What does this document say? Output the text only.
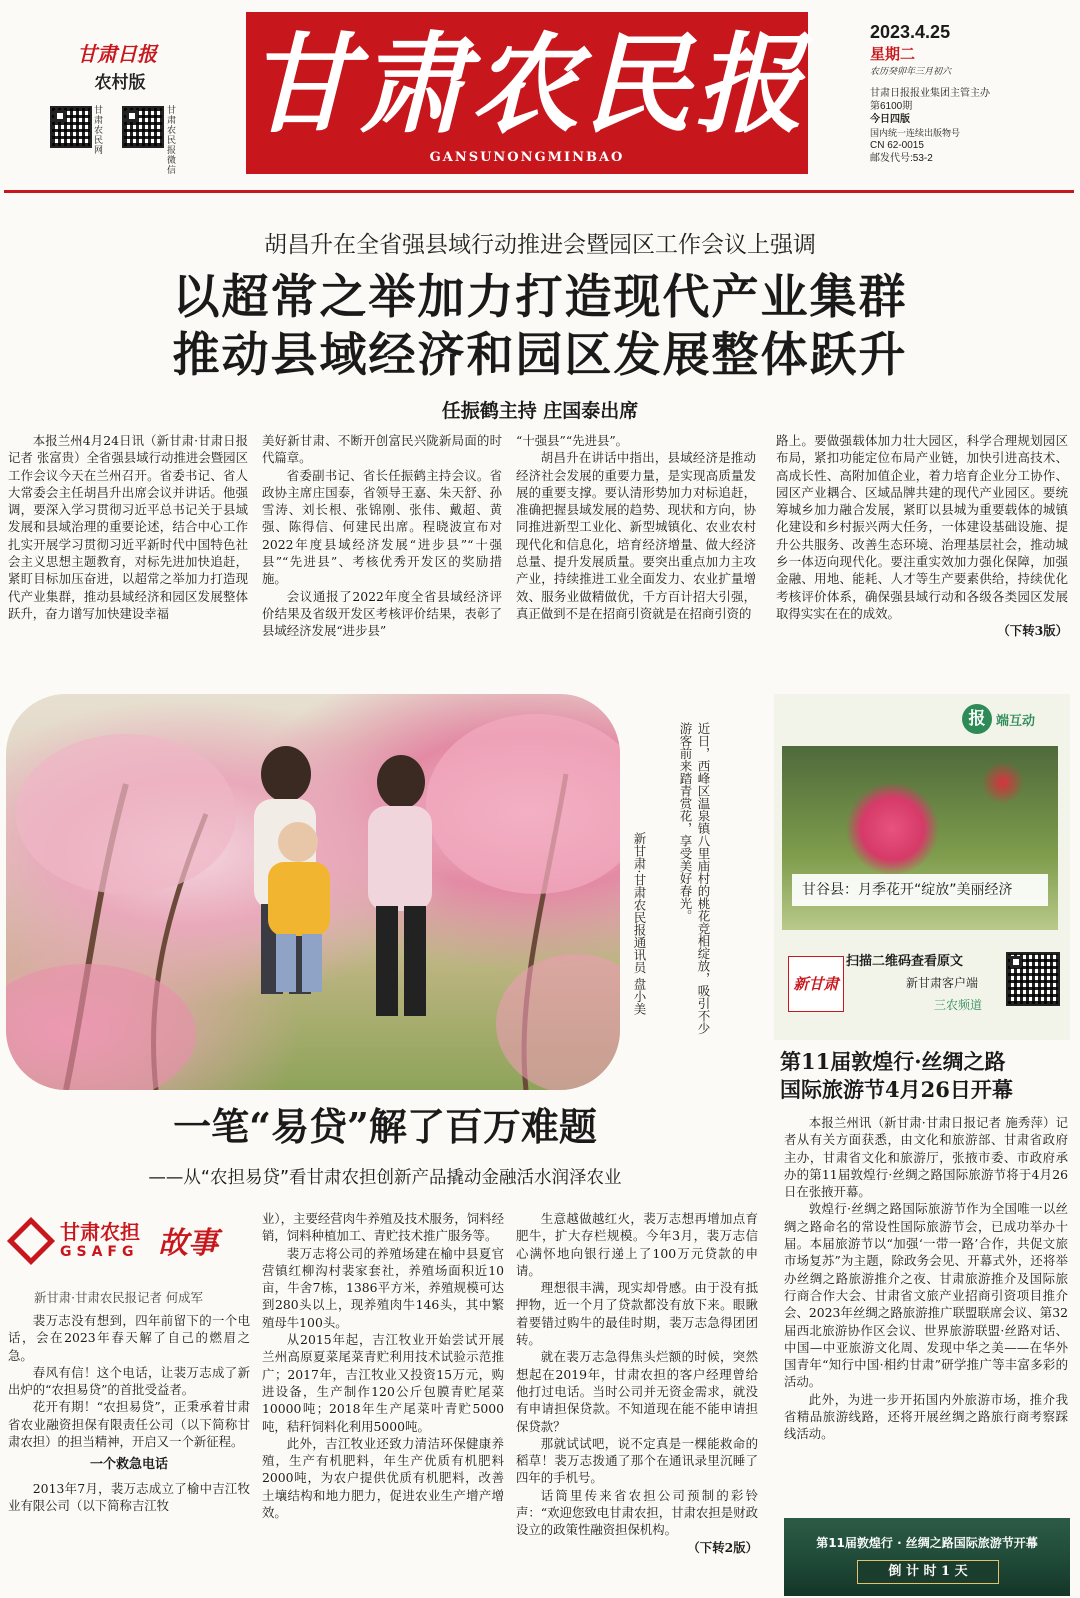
甘肃日报
农村版
甘肃农民网
甘肃农民报微信
甘肃农民报
GANSUNONGMINBAO
2023.4.25
星期二
农历癸卯年三月初六
甘肃日报报业集团主管主办
第6100期
今日四版
国内统一连续出版物号
CN 62-0015
邮发代号:53-2
胡昌升在全省强县域行动推进会暨园区工作会议上强调
以超常之举加力打造现代产业集群
推动县域经济和园区发展整体跃升
任振鹤主持 庄国泰出席

本报兰州4月24日讯（新甘肃·甘肃日报记者 张富贵）全省强县域行动推进会暨园区工作会议今天在兰州召开。省委书记、省人大常委会主任胡昌升出席会议并讲话。他强调，要深入学习贯彻习近平总书记关于县域发展和县域治理的重要论述，结合中心工作扎实开展学习贯彻习近平新时代中国特色社会主义思想主题教育，对标先进加快追赶，紧盯目标加压奋进，以超常之举加力打造现代产业集群，推动县域经济和园区发展整体跃升，奋力谱写加快建设幸福

美好新甘肃、不断开创富民兴陇新局面的时代篇章。

省委副书记、省长任振鹤主持会议。省政协主席庄国泰，省领导王嘉、朱天舒、孙雪涛、刘长根、张锦刚、张伟、戴超、黄强、陈得信、何建民出席。程晓波宣布对2022年度县域经济发展“进步县”“十强县”“先进县”、考核优秀开发区的奖励措施。

会议通报了2022年度全省县域经济评价结果及省级开发区考核评价结果，表彰了县域经济发展“进步县”

“十强县”“先进县”。

胡昌升在讲话中指出，县域经济是推动经济社会发展的重要力量，是实现高质量发展的重要支撑。要认清形势加力对标追赶，准确把握县域发展的趋势、现状和方向，协同推进新型工业化、新型城镇化、农业农村现代化和信息化，培育经济增量、做大经济总量、提升发展质量。要突出重点加力主攻产业，持续推进工业全面发力、农业扩量增效、服务业做精做优，千方百计招大引强，真正做到不是在招商引资就是在招商引资的

路上。要做强载体加力壮大园区，科学合理规划园区布局，紧扣功能定位布局产业链，加快引进高技术、高成长性、高附加值企业，着力培育企业分工协作、园区产业耦合、区域品牌共建的现代产业园区。要统筹城乡加力融合发展，紧盯以县城为重要载体的城镇化建设和乡村振兴两大任务，一体建设基础设施、提升公共服务、改善生态环境、治理基层社会，推动城乡一体迈向现代化。要注重实效加力强化保障，加强金融、用地、能耗、人才等生产要素供给，持续优化考核评价体系，确保强县域行动和各级各类园区发展取得实实在在的成效。

（下转3版）

近日，西峰区温泉镇八里庙村的桃花竞相绽放，吸引不少游客前来踏青赏花，享受美好春光。
新甘肃·甘肃农民报通讯员 盘小美
报 端互动
甘谷县：月季花开“绽放”美丽经济
新甘肃
扫描二维码查看原文
新甘肃客户端
三农频道
第11届敦煌行·丝绸之路
国际旅游节4月26日开幕

本报兰州讯（新甘肃·甘肃日报记者 施秀萍）记者从有关方面获悉，由文化和旅游部、甘肃省政府主办，甘肃省文化和旅游厅，张掖市委、市政府承办的第11届敦煌行·丝绸之路国际旅游节将于4月26日在张掖开幕。

敦煌行·丝绸之路国际旅游节作为全国唯一以丝绸之路命名的常设性国际旅游节会，已成功举办十届。本届旅游节以“加强‘一带一路’合作，共促文旅市场复苏”为主题，除政务会见、开幕式外，还将举办丝绸之路旅游推介之夜、甘肃旅游推介及国际旅行商合作大会、甘肃省文旅产业招商引资项目推介会、2023年丝绸之路旅游推广联盟联席会议、第32届西北旅游协作区会议、世界旅游联盟·丝路对话、中国—中亚旅游文化周、发现中华之美——在华外国青年“知行中国·相约甘肃”研学推广等丰富多彩的活动。

此外，为进一步开拓国内外旅游市场，推介我省精品旅游线路，还将开展丝绸之路旅行商考察踩线活动。

第11届敦煌行 · 丝绸之路国际旅游节开幕
倒 计 时 1 天
一笔“易贷”解了百万难题
——从“农担易贷”看甘肃农担创新产品撬动金融活水润泽农业
甘肃农担
GSAFG 故事
新甘肃·甘肃农民报记者 何成军

裴万志没有想到，四年前留下的一个电话，会在2023年春天解了自己的燃眉之急。

春风有信！这个电话，让裴万志成了新出炉的“农担易贷”的首批受益者。

花开有期！“农担易贷”，正秉承着甘肃省农业融资担保有限责任公司（以下简称甘肃农担）的担当精神，开启又一个新征程。

一个救急电话

2013年7月，裴万志成立了榆中吉江牧业有限公司（以下简称吉江牧

业），主要经营肉牛养殖及技术服务，饲料经销，饲料种植加工、青贮技术推广服务等。

裴万志将公司的养殖场建在榆中县夏官营镇红柳沟村裴家套社，养殖场面积近10亩，牛舍7栋，1386平方米，养殖规模可达到280头以上，现养殖肉牛146头，其中繁殖母牛100头。

从2015年起，吉江牧业开始尝试开展兰州高原夏菜尾菜青贮利用技术试验示范推广；2017年，吉江牧业又投资15万元，购进设备，生产制作120公斤包膜青贮尾菜10000吨；2018年生产尾菜叶青贮5000吨，秸秆饲料化利用5000吨。

此外，吉江牧业还致力清洁环保健康养殖，生产有机肥料，年生产优质有机肥料2000吨，为农户提供优质有机肥料，改善土壤结构和地力肥力，促进农业生产增产增效。

生意越做越红火，裴万志想再增加点育肥牛，扩大存栏规模。今年3月，裴万志信心满怀地向银行递上了100万元贷款的申请。

理想很丰满，现实却骨感。由于没有抵押物，近一个月了贷款都没有放下来。眼瞅着要错过购牛的最佳时期，裴万志急得团团转。

就在裴万志急得焦头烂额的时候，突然想起在2019年，甘肃农担的客户经理曾给他打过电话。当时公司并无资金需求，就没有申请担保贷款。不知道现在能不能申请担保贷款？

那就试试吧，说不定真是一棵能救命的稻草！裴万志拨通了那个在通讯录里沉睡了四年的手机号。

话筒里传来省农担公司预制的彩铃声：“欢迎您致电甘肃农担，甘肃农担是财政设立的政策性融资担保机构。

（下转2版）
